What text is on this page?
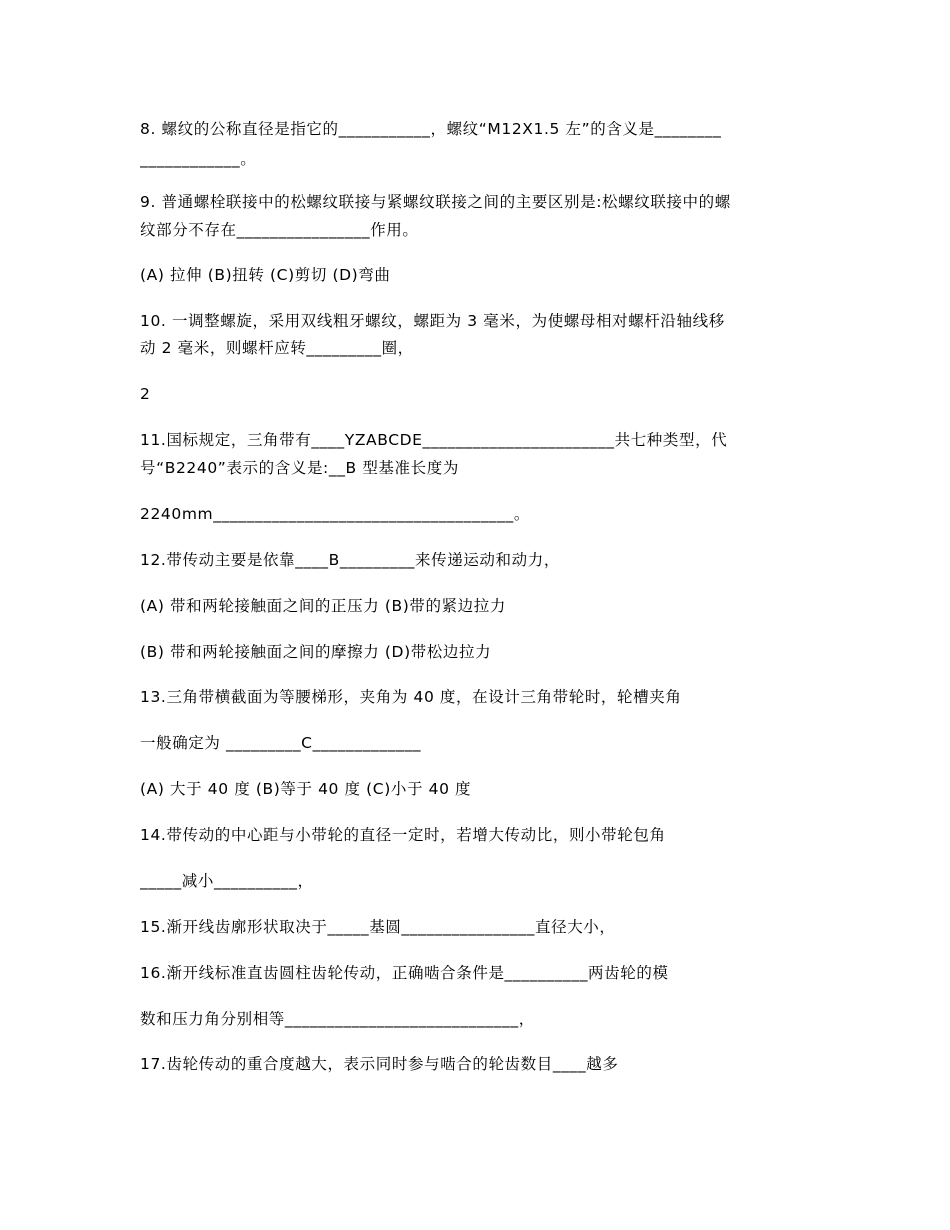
8. 螺纹的公称直径是指它的___________，螺纹“M12X1.5 左”的含义是________
____________。
9. 普通螺栓联接中的松螺纹联接与紧螺纹联接之间的主要区别是:松螺纹联接中的螺
纹部分不存在________________作用。
(A) 拉伸 (B)扭转 (C)剪切 (D)弯曲
10. 一调整螺旋，采用双线粗牙螺纹，螺距为 3 毫米，为使螺母相对螺杆沿轴线移
动 2 毫米，则螺杆应转_________圈，
2
11.国标规定，三角带有____YZABCDE_______________________共七种类型，代
号“B2240”表示的含义是:__B 型基准长度为
2240mm____________________________________。
12.带传动主要是依靠____B_________来传递运动和动力，
(A) 带和两轮接触面之间的正压力 (B)带的紧边拉力
(B) 带和两轮接触面之间的摩擦力 (D)带松边拉力
13.三角带横截面为等腰梯形，夹角为 40 度，在设计三角带轮时，轮槽夹角
一般确定为 _________C_____________
(A) 大于 40 度 (B)等于 40 度 (C)小于 40 度
14.带传动的中心距与小带轮的直径一定时，若增大传动比，则小带轮包角
_____减小__________，
15.渐开线齿廓形状取决于_____基圆________________直径大小，
16.渐开线标准直齿圆柱齿轮传动，正确啮合条件是__________两齿轮的模
数和压力角分别相等____________________________，
17.齿轮传动的重合度越大，表示同时参与啮合的轮齿数目____越多
